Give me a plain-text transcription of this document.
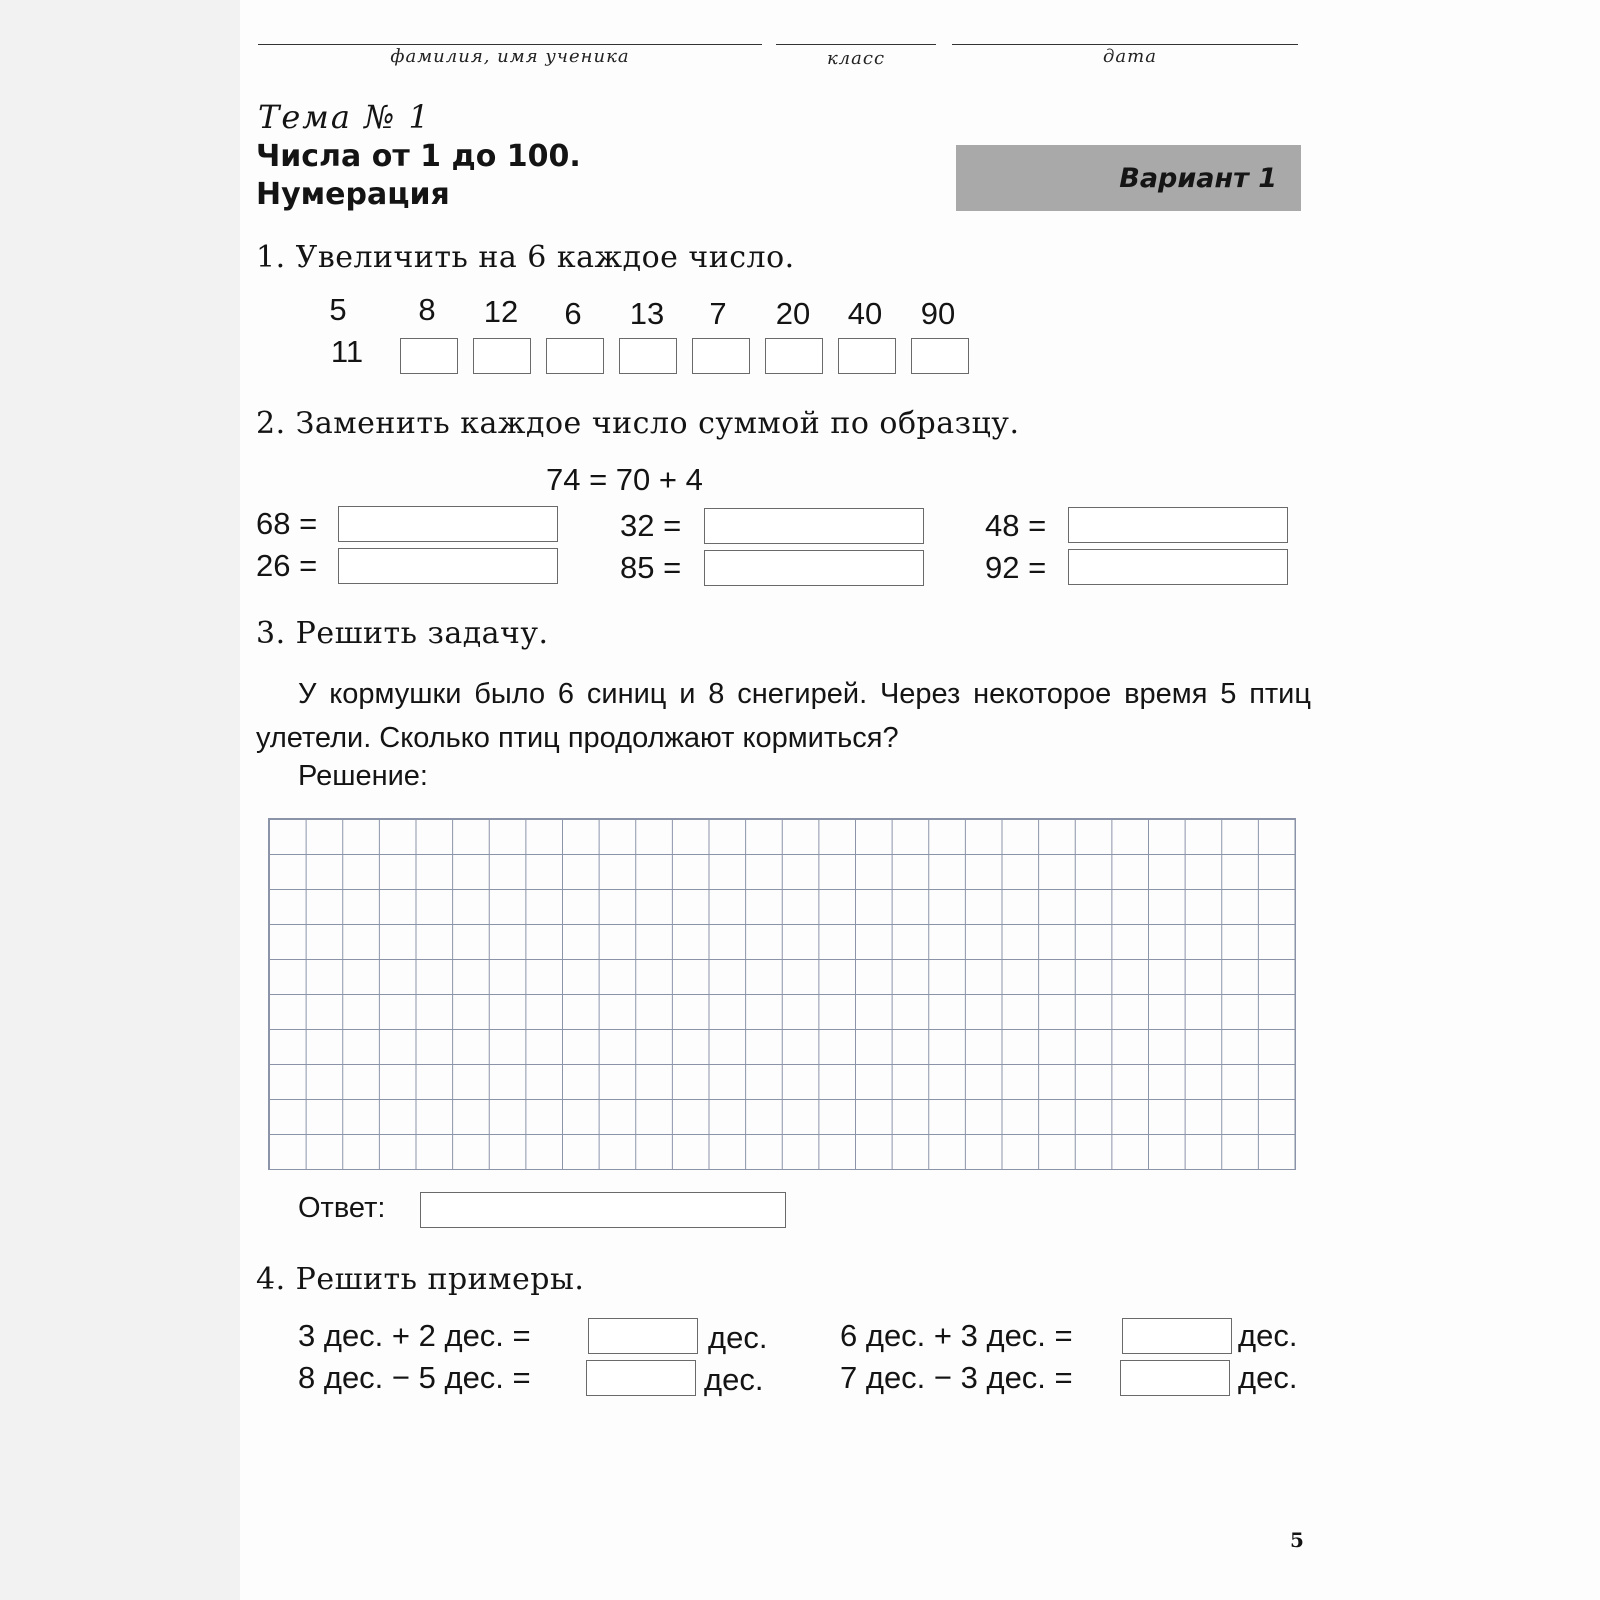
фамилия, имя ученика	класс	дата
Тема № 1
Числа от 1 до 100.
Нумерация	Вариант 1
1. Увеличить на 6 каждое число.
5	8	12	6	13	7	20	40	90
11
2. Заменить каждое число суммой по образцу.
74 = 70 + 4
68 =
26 =
32 =
85 =
48 =
92 =
3. Решить задачу.
У кормушки было 6 синиц и 8 снегирей. Через некоторое время 5 птиц улетели. Сколько птиц продолжают кормиться?
Решение:
Ответ:
4. Решить примеры.
3 дес. + 2 дес. =	дес.
8 дес. − 5 дес. =	дес.
6 дес. + 3 дес. =	дес.
7 дес. − 3 дес. =	дес.
5
